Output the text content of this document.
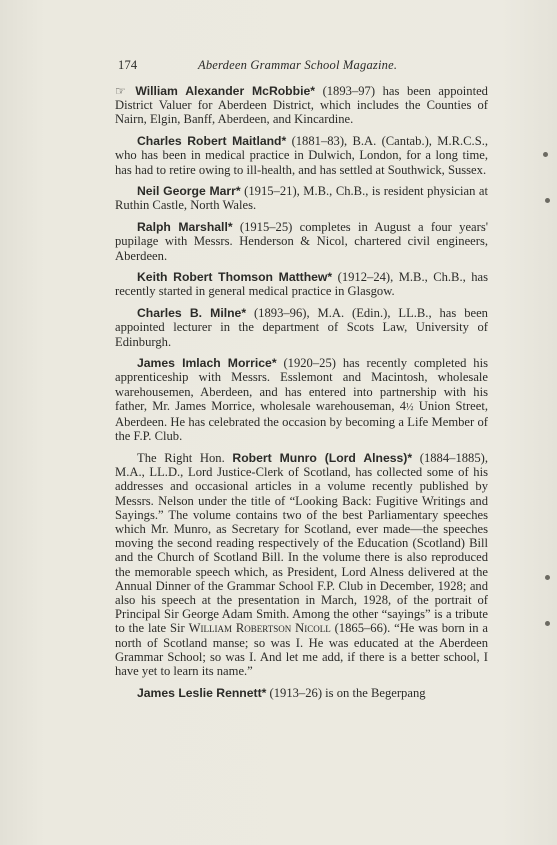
174	Aberdeen Grammar School Magazine.

☞ William Alexander McRobbie* (1893–97) has been appointed District Valuer for Aberdeen District, which includes the Counties of Nairn, Elgin, Banff, Aberdeen, and Kincardine.

Charles Robert Maitland* (1881–83), B.A. (Cantab.), M.R.C.S., who has been in medical practice in Dulwich, London, for a long time, has had to retire owing to ill-health, and has settled at Southwick, Sussex.

Neil George Marr* (1915–21), M.B., Ch.B., is resident physician at Ruthin Castle, North Wales.

Ralph Marshall* (1915–25) completes in August a four years' pupilage with Messrs. Henderson & Nicol, chartered civil engineers, Aberdeen.

Keith Robert Thomson Matthew* (1912–24), M.B., Ch.B., has recently started in general medical practice in Glasgow.

Charles B. Milne* (1893–96), M.A. (Edin.), LL.B., has been appointed lecturer in the department of Scots Law, University of Edinburgh.

James Imlach Morrice* (1920–25) has recently completed his apprenticeship with Messrs. Esslemont and Macintosh, wholesale warehousemen, Aberdeen, and has entered into partnership with his father, Mr. James Morrice, wholesale warehouseman, 4½ Union Street, Aberdeen. He has celebrated the occasion by becoming a Life Member of the F.P. Club.

The Right Hon. Robert Munro (Lord Alness)* (1884–1885), M.A., LL.D., Lord Justice-Clerk of Scotland, has collected some of his addresses and occasional articles in a volume recently published by Messrs. Nelson under the title of “Looking Back: Fugitive Writings and Sayings.” The volume contains two of the best Parliamentary speeches which Mr. Munro, as Secretary for Scotland, ever made—the speeches moving the second reading respectively of the Education (Scotland) Bill and the Church of Scotland Bill. In the volume there is also reproduced the memorable speech which, as President, Lord Alness delivered at the Annual Dinner of the Grammar School F.P. Club in December, 1928; and also his speech at the presentation in March, 1928, of the portrait of Principal Sir George Adam Smith. Among the other “sayings” is a tribute to the late Sir William Robertson Nicoll (1865–66). “He was born in a north of Scotland manse; so was I. He was educated at the Aberdeen Grammar School; so was I. And let me add, if there is a better school, I have yet to learn its name.”

James Leslie Rennett* (1913–26) is on the Begerpang
